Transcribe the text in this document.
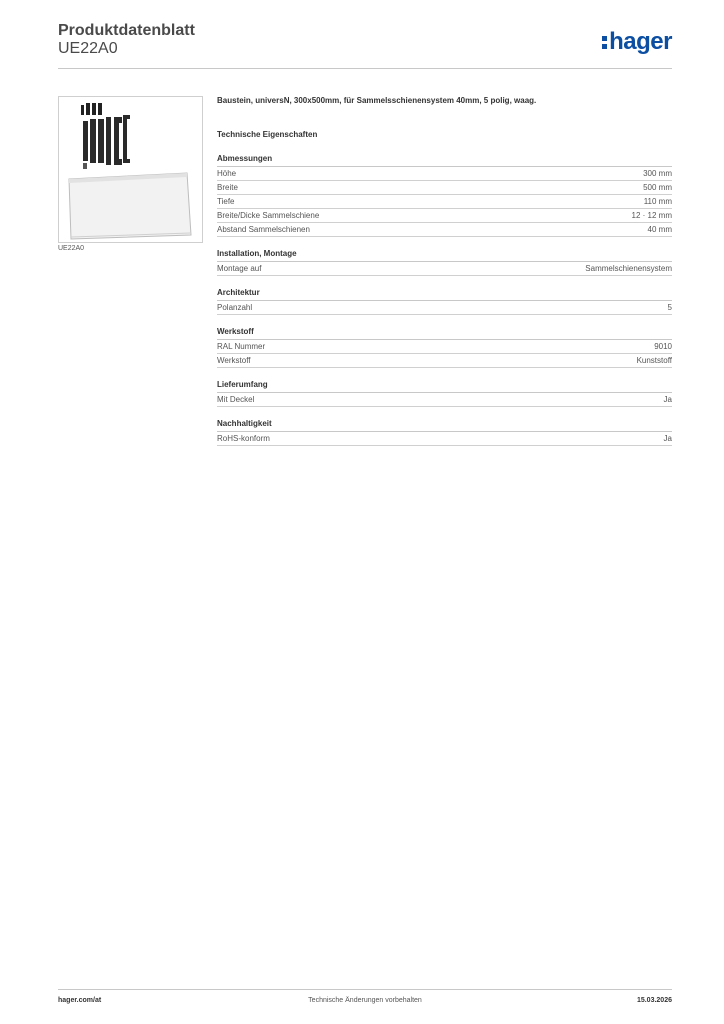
Produktdatenblatt
UE22A0	hager
UE22A0
Baustein, universN, 300x500mm, für Sammelsschienensystem 40mm, 5 polig, waag.
Technische Eigenschaften
Abmessungen
Höhe	300 mm
Breite	500 mm
Tiefe	110 mm
Breite/Dicke Sammelschiene	12 · 12 mm
Abstand Sammelschienen	40 mm
Installation, Montage
Montage auf	Sammelschienensystem
Architektur
Polanzahl	5
Werkstoff
RAL Nummer	9010
Werkstoff	Kunststoff
Lieferumfang
Mit Deckel	Ja
Nachhaltigkeit
RoHS-konform	Ja
Technische Änderungen vorbehalten
hager.com/at	15.03.2026
